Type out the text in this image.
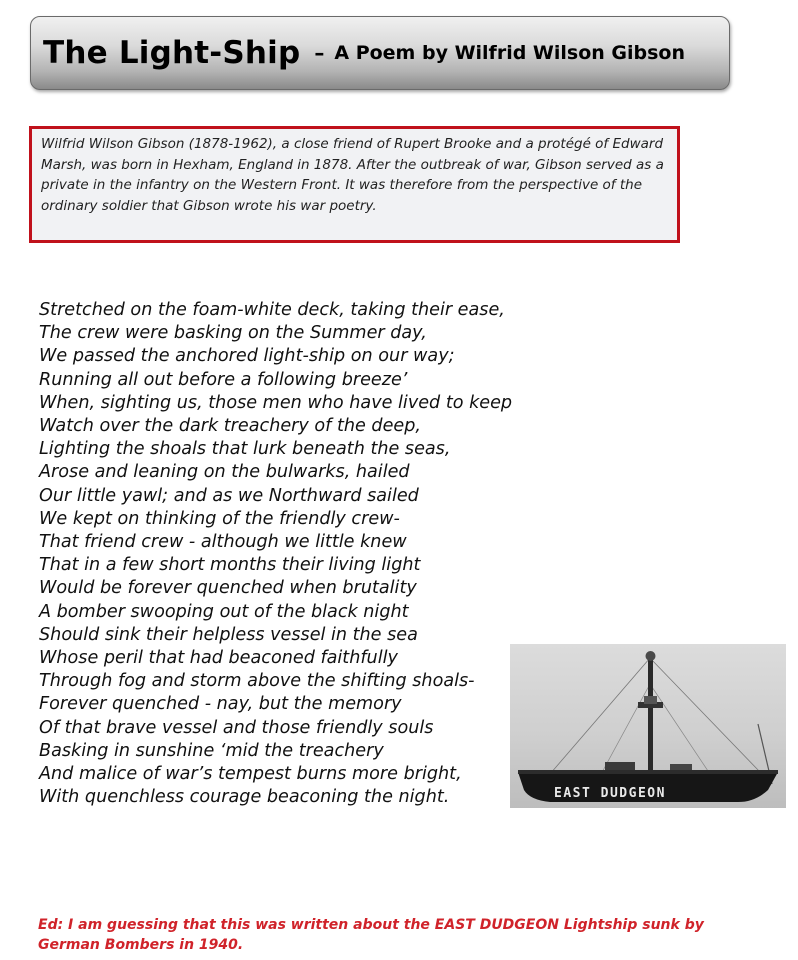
The Light-Ship – A Poem by Wilfrid Wilson Gibson
Wilfrid Wilson Gibson (1878-1962), a close friend of Rupert Brooke and a protégé of Edward Marsh, was born in Hexham, England in 1878. After the outbreak of war, Gibson served as a private in the infantry on the Western Front. It was therefore from the perspective of the ordinary soldier that Gibson wrote his war poetry.
Stretched on the foam-white deck, taking their ease,
The crew were basking on the Summer day,
We passed the anchored light-ship on our way;
Running all out before a following breeze’
When, sighting us, those men who have lived to keep
Watch over the dark treachery of the deep,
Lighting the shoals that lurk beneath the seas,
Arose and leaning on the bulwarks, hailed
Our little yawl; and as we Northward sailed
We kept on thinking of the friendly crew-
That friend crew - although we little knew
That in a few short months their living light
Would be forever quenched when brutality
A bomber swooping out of the black night
Should sink their helpless vessel in the sea
Whose peril that had beaconed faithfully
Through fog and storm above the shifting shoals-
Forever quenched - nay, but the memory
Of that brave vessel and those friendly souls
Basking in sunshine ‘mid the treachery
And malice of war’s tempest burns more bright,
With quenchless courage beaconing the night.	EAST DUDGEON
Ed: I am guessing that this was written about the EAST DUDGEON Lightship sunk by German Bombers in 1940.
